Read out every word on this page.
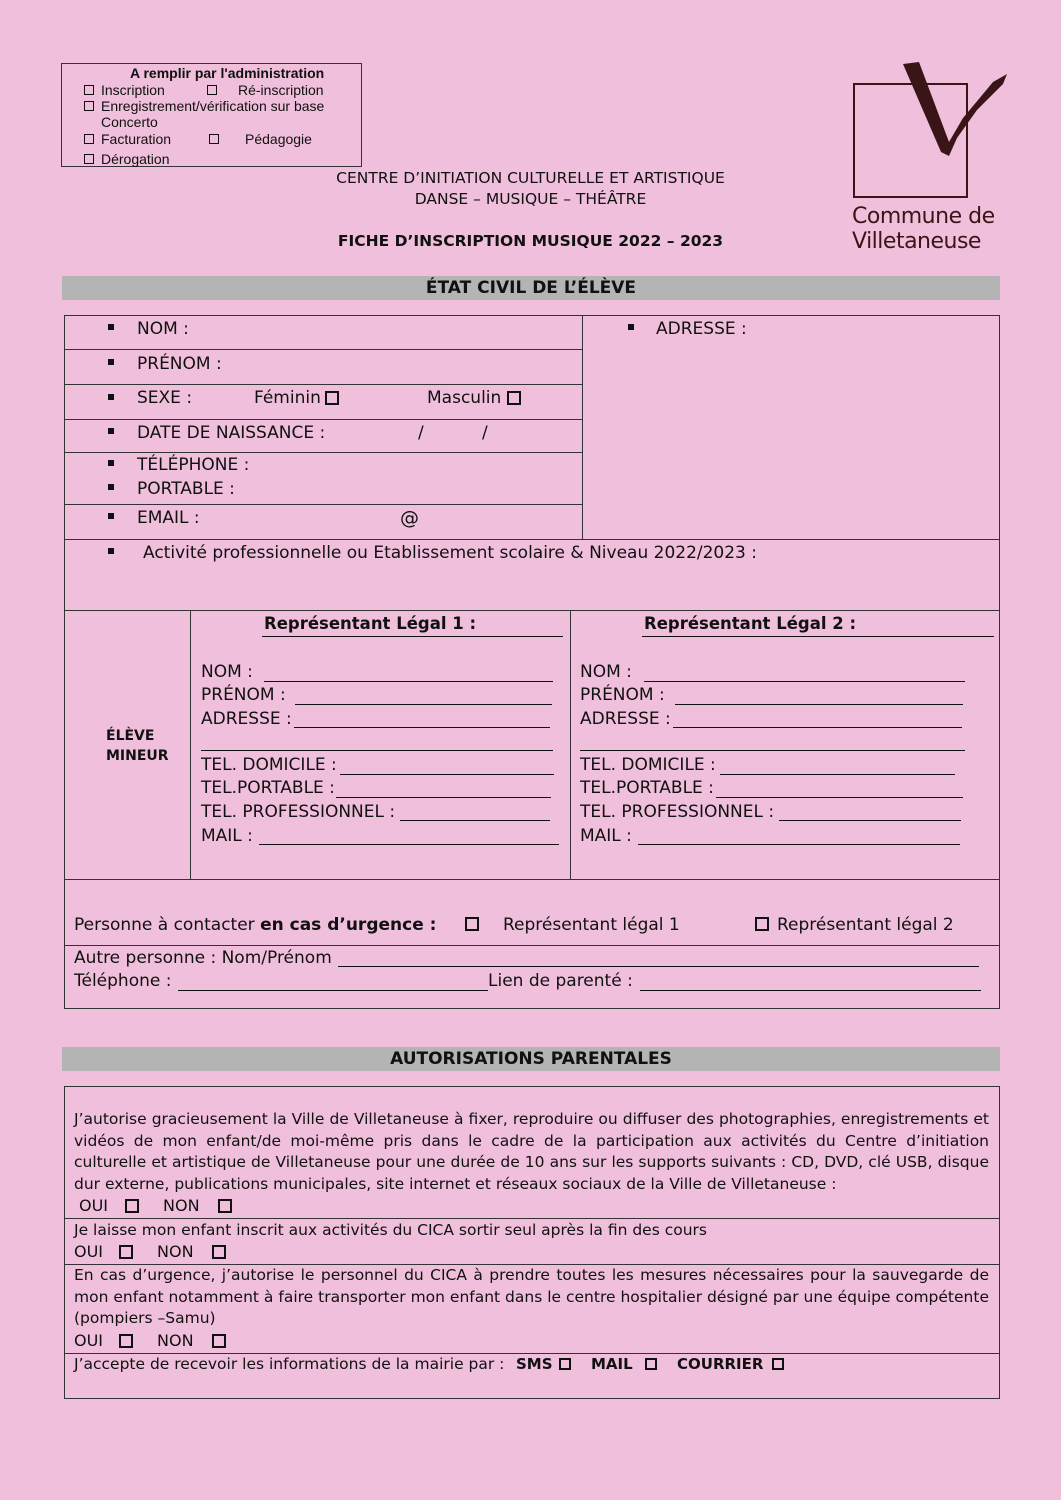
A remplir par l'administration
Inscription	Ré-inscription
Enregistrement/vérification sur base
Concerto
Facturation	Pédagogie
Dérogation
Commune de
Villetaneuse
CENTRE D’INITIATION CULTURELLE ET ARTISTIQUE
DANSE – MUSIQUE – THÉÂTRE
FICHE D’INSCRIPTION MUSIQUE 2022 – 2023
ÉTAT CIVIL DE L’ÉLÈVE
NOM :
PRÉNOM :
SEXE :	Féminin	Masculin
DATE DE NAISSANCE :	/	/
TÉLÉPHONE :
PORTABLE :
EMAIL :	@
ADRESSE :
Activité professionnelle ou Etablissement scolaire & Niveau 2022/2023 :
ÉLÈVE
MINEUR
Représentant Légal 1 :
NOM :
PRÉNOM :
ADRESSE :
TEL. DOMICILE :
TEL.PORTABLE :
TEL. PROFESSIONNEL :
MAIL :
Représentant Légal 2 :
NOM :
PRÉNOM :
ADRESSE :
TEL. DOMICILE :
TEL.PORTABLE :
TEL. PROFESSIONNEL :
MAIL :
Personne à contacter en cas d’urgence :	Représentant légal 1	Représentant légal 2
Autre personne : Nom/Prénom
Téléphone :	Lien de parenté :
AUTORISATIONS PARENTALES
J’autorise gracieusement la Ville de Villetaneuse à fixer, reproduire ou diffuser des photographies, enregistrements et vidéos de mon enfant/de moi-même pris dans le cadre de la participation aux activités du Centre d’initiation culturelle et artistique de Villetaneuse pour une durée de 10 ans sur les supports suivants : CD, DVD, clé USB, disque dur externe, publications municipales, site internet et réseaux sociaux de la Ville de Villetaneuse :
OUI	NON
Je laisse mon enfant inscrit aux activités du CICA sortir seul après la fin des cours
OUI	NON
En cas d’urgence, j’autorise le personnel du CICA à prendre toutes les mesures nécessaires pour la sauvegarde de mon enfant notamment à faire transporter mon enfant dans le centre hospitalier désigné par une équipe compétente (pompiers –Samu)
OUI	NON
J’accepte de recevoir les informations de la mairie par : SMS	MAIL	COURRIER
